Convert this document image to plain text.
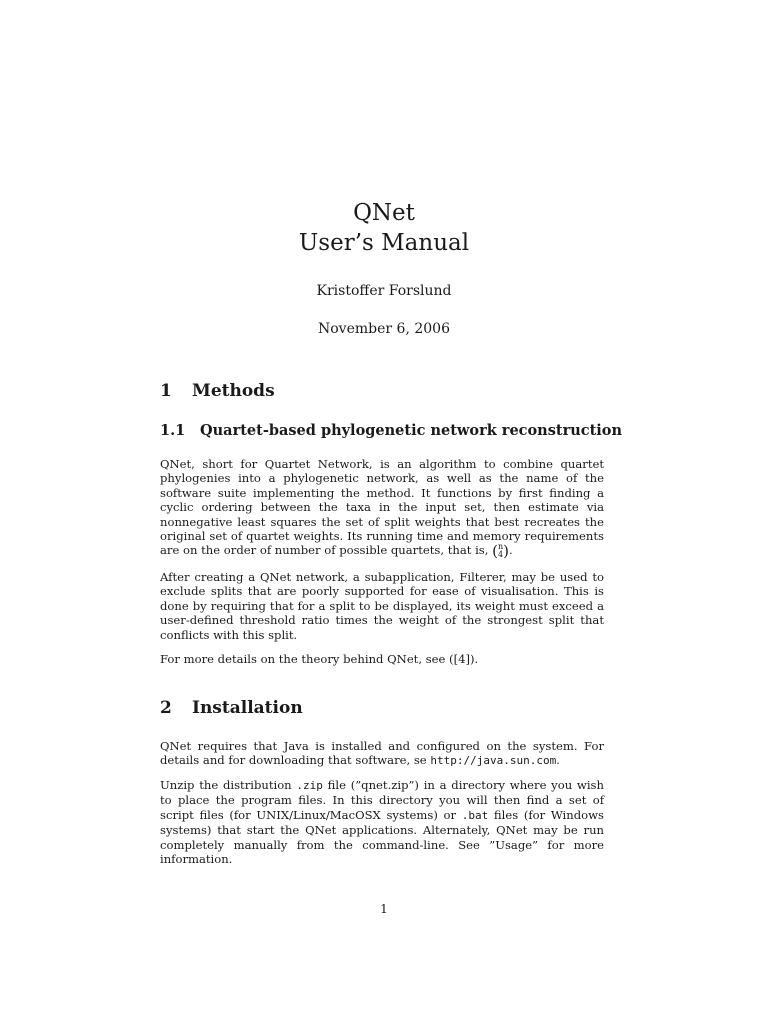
QNet
User’s Manual
Kristoffer Forslund
November 6, 2006
1 Methods
1.1 Quartet-based phylogenetic network reconstruction
QNet, short for Quartet Network, is an algorithm to combine quartet phylogenies into a phylogenetic network, as well as the name of the software suite implementing the method. It functions by first finding a cyclic ordering between the taxa in the input set, then estimate via nonnegative least squares the set of split weights that best recreates the original set of quartet weights. Its running time and memory requirements are on the order of number of possible quartets, that is, (n
4).
After creating a QNet network, a subapplication, Filterer, may be used to exclude splits that are poorly supported for ease of visualisation. This is done by requiring that for a split to be displayed, its weight must exceed a user-defined threshold ratio times the weight of the strongest split that conflicts with this split.
For more details on the theory behind QNet, see ([4]).
2 Installation
QNet requires that Java is installed and configured on the system. For details and for downloading that software, se http://java.sun.com.
Unzip the distribution .zip file (”qnet.zip”) in a directory where you wish to place the program files. In this directory you will then find a set of script files (for UNIX/Linux/MacOSX systems) or .bat files (for Windows systems) that start the QNet applications. Alternately, QNet may be run completely manually from the command-line. See ”Usage” for more information.
1
